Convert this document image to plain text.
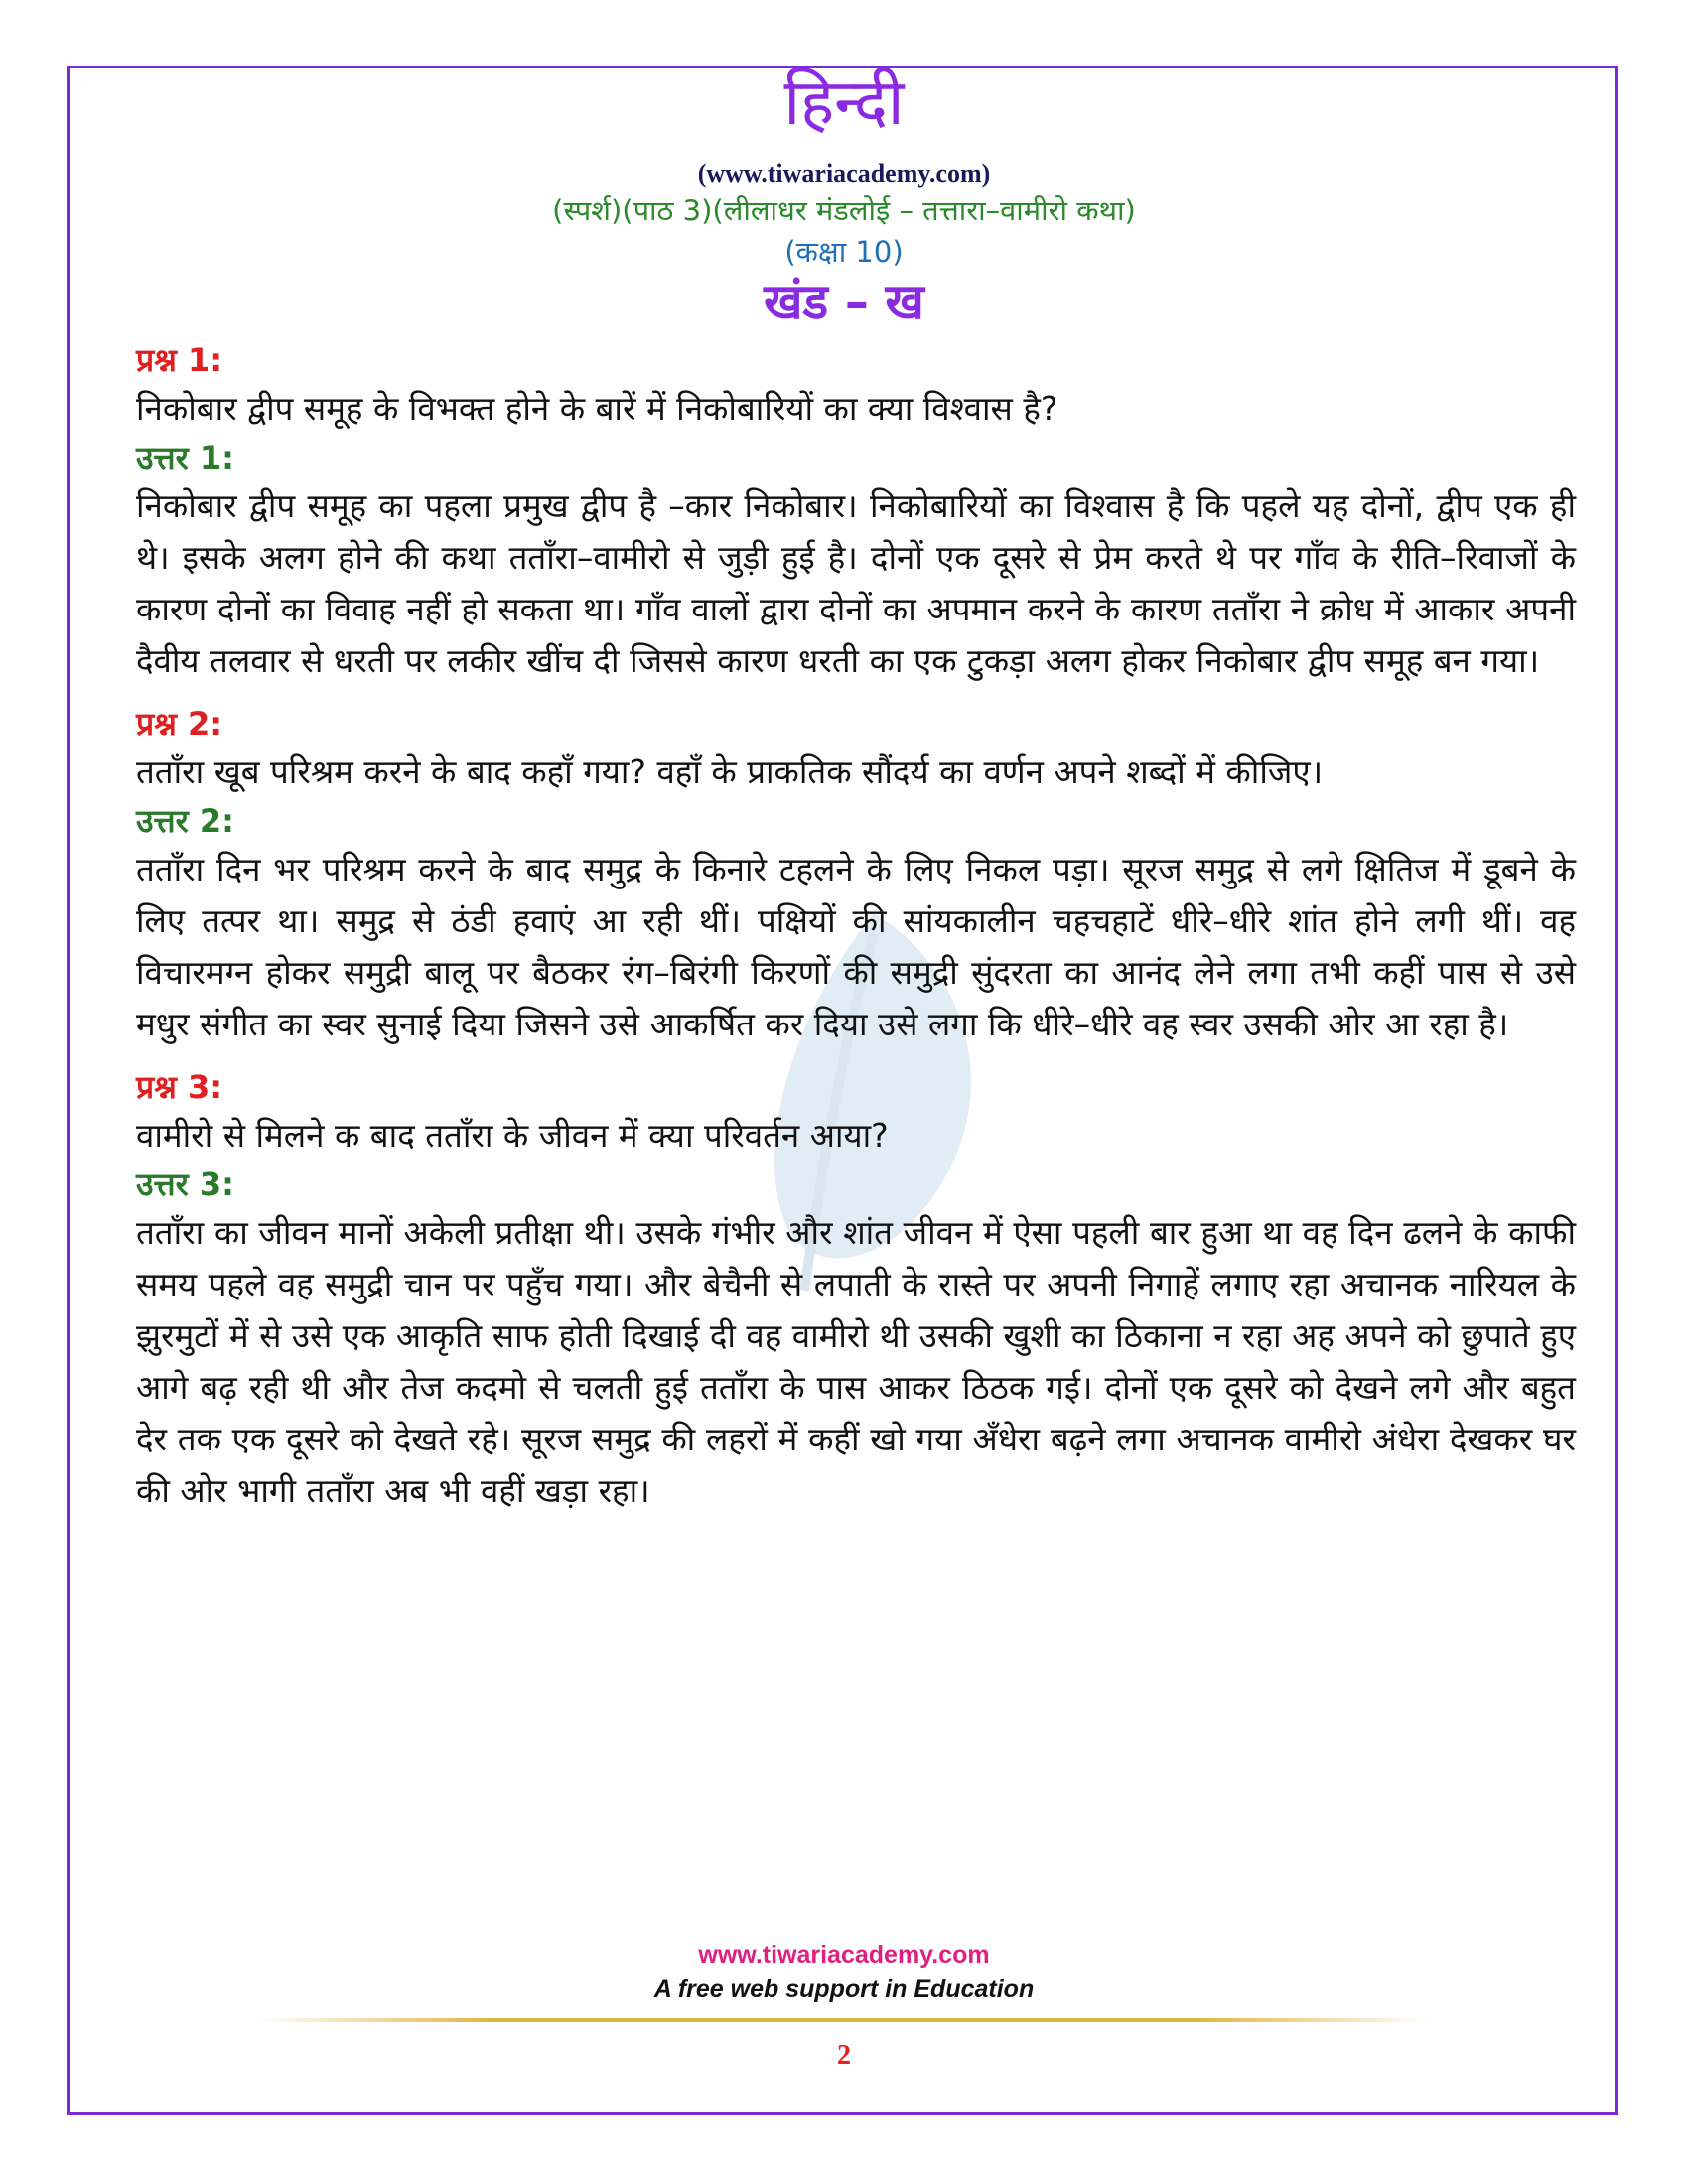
हिन्दी
(www.tiwariacademy.com)
(स्पर्श)(पाठ 3)(लीलाधर मंडलोई – तत्तारा–वामीरो कथा)
(कक्षा 10)
खंड – ख

प्रश्न 1:

निकोबार द्वीप समूह के विभक्त होने के बारें में निकोबारियों का क्या विश्वास है?

उत्तर 1:

निकोबार द्वीप समूह का पहला प्रमुख द्वीप है –कार निकोबार। निकोबारियों का विश्वास है कि पहले यह दोनों, द्वीप एक ही थे। इसके अलग होने की कथा तताँरा–वामीरो से जुड़ी हुई है। दोनों एक दूसरे से प्रेम करते थे पर गाँव के रीति–रिवाजों के कारण दोनों का विवाह नहीं हो सकता था। गाँव वालों द्वारा दोनों का अपमान करने के कारण तताँरा ने क्रोध में आकार अपनी दैवीय तलवार से धरती पर लकीर खींच दी जिससे कारण धरती का एक टुकड़ा अलग होकर निकोबार द्वीप समूह बन गया।

प्रश्न 2:

तताँरा खूब परिश्रम करने के बाद कहाँ गया? वहाँ के प्राकतिक सौंदर्य का वर्णन अपने शब्दों में कीजिए।

उत्तर 2:

तताँरा दिन भर परिश्रम करने के बाद समुद्र के किनारे टहलने के लिए निकल पड़ा। सूरज समुद्र से लगे क्षितिज में डूबने के लिए तत्पर था। समुद्र से ठंडी हवाएं आ रही थीं। पक्षियों की सांयकालीन चहचहाटें धीरे–धीरे शांत होने लगी थीं। वह विचारमग्न होकर समुद्री बालू पर बैठकर रंग–बिरंगी किरणों की समुद्री सुंदरता का आनंद लेने लगा तभी कहीं पास से उसे मधुर संगीत का स्वर सुनाई दिया जिसने उसे आकर्षित कर दिया उसे लगा कि धीरे–धीरे वह स्वर उसकी ओर आ रहा है।

प्रश्न 3:

वामीरो से मिलने क बाद तताँरा के जीवन में क्या परिवर्तन आया?

उत्तर 3:

तताँरा का जीवन मानों अकेली प्रतीक्षा थी। उसके गंभीर और शांत जीवन में ऐसा पहली बार हुआ था वह दिन ढलने के काफी समय पहले वह समुद्री चान पर पहुँच गया। और बेचैनी से लपाती के रास्ते पर अपनी निगाहें लगाए रहा अचानक नारियल के झुरमुटों में से उसे एक आकृति साफ होती दिखाई दी वह वामीरो थी उसकी खुशी का ठिकाना न रहा अह अपने को छुपाते हुए आगे बढ़ रही थी और तेज कदमो से चलती हुई तताँरा के पास आकर ठिठक गई। दोनों एक दूसरे को देखने लगे और बहुत देर तक एक दूसरे को देखते रहे। सूरज समुद्र की लहरों में कहीं खो गया अँधेरा बढ़ने लगा अचानक वामीरो अंधेरा देखकर घर की ओर भागी तताँरा अब भी वहीं खड़ा रहा।

www.tiwariacademy.com
A free web support in Education
2
